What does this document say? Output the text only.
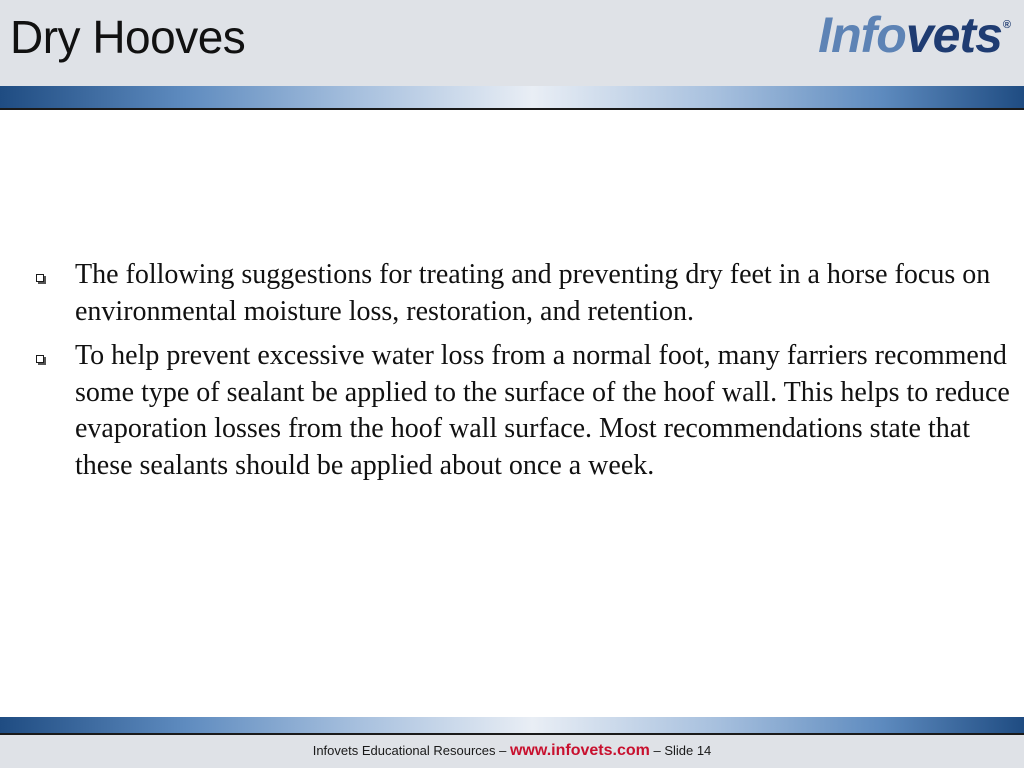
Dry Hooves	Infovets®
The following suggestions for treating and preventing dry feet in a horse focus on environmental moisture loss, restoration, and retention.
To help prevent excessive water loss from a normal foot, many farriers recommend some type of sealant be applied to the surface of the hoof wall. This helps to reduce evaporation losses from the hoof wall surface. Most recommendations state that these sealants should be applied about once a week.
Infovets Educational Resources – www.infovets.com – Slide 14
